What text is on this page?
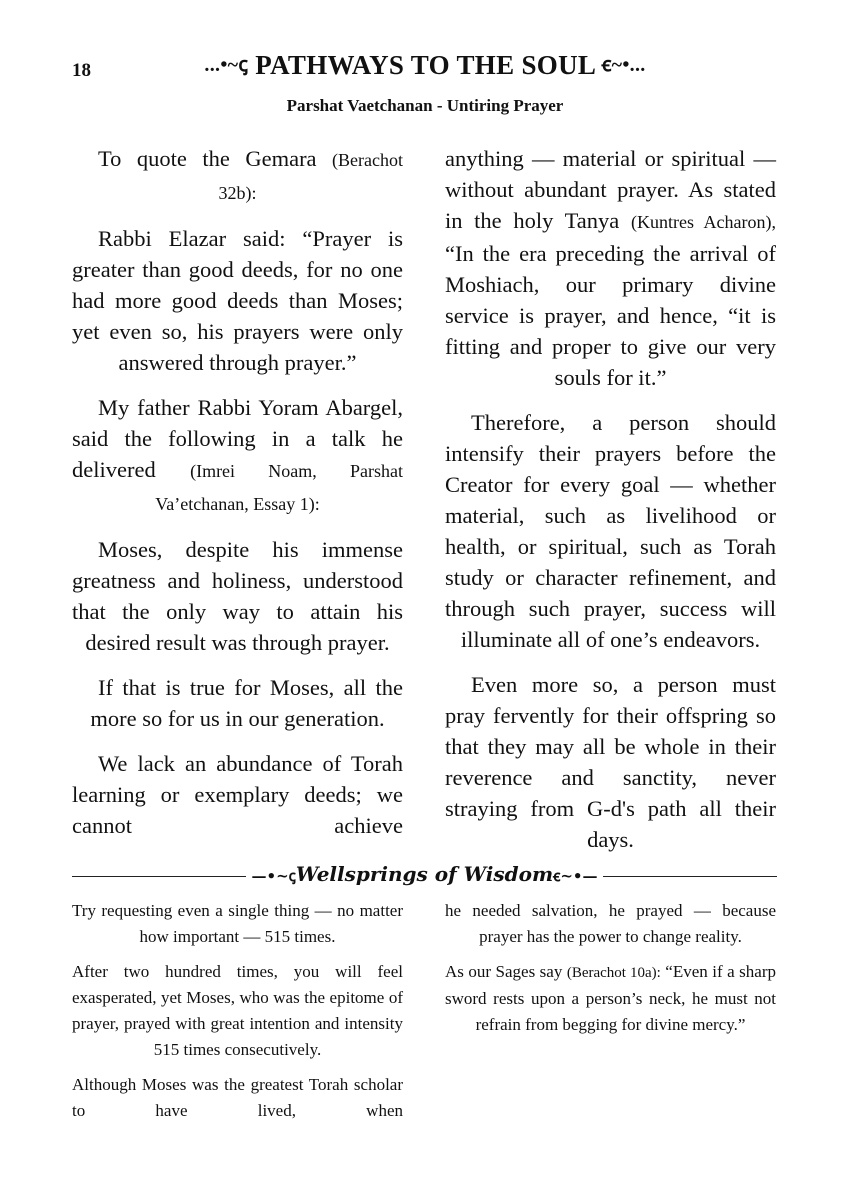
18	...•~ꞔ PATHWAYS TO THE SOUL ꞓ~•...
Parshat Vaetchanan - Untiring Prayer

To quote the Gemara (Berachot 32b):

Rabbi Elazar said: “Prayer is greater than good deeds, for no one had more good deeds than Moses; yet even so, his prayers were only answered through prayer.”

My father Rabbi Yoram Abargel, said the following in a talk he delivered (Imrei Noam, Parshat Va’etchanan, Essay 1):

Moses, despite his immense greatness and holiness, understood that the only way to attain his desired result was through prayer.

If that is true for Moses, all the more so for us in our generation.

We lack an abundance of Torah learning or exemplary deeds; we cannot achieve

anything — material or spiritual — without abundant prayer. As stated in the holy Tanya (Kuntres Acharon), “In the era preceding the arrival of Moshiach, our primary divine service is prayer, and hence, “it is fitting and proper to give our very souls for it.”

Therefore, a person should intensify their prayers before the Creator for every goal — whether material, such as livelihood or health, or spiritual, such as Torah study or character refinement, and through such prayer, success will illuminate all of one’s endeavors.

Even more so, a person must pray fervently for their offspring so that they may all be whole in their reverence and sanctity, never straying from G-d's path all their days.

—•~ꞔWellsprings of Wisdomꞓ~•—

Try requesting even a single thing — no matter how important — 515 times.

After two hundred times, you will feel exasperated, yet Moses, who was the epitome of prayer, prayed with great intention and intensity 515 times consecutively.

Although Moses was the greatest Torah scholar to have lived, when

he needed salvation, he prayed — because prayer has the power to change reality.

As our Sages say (Berachot 10a): “Even if a sharp sword rests upon a person’s neck, he must not refrain from begging for divine mercy.”
